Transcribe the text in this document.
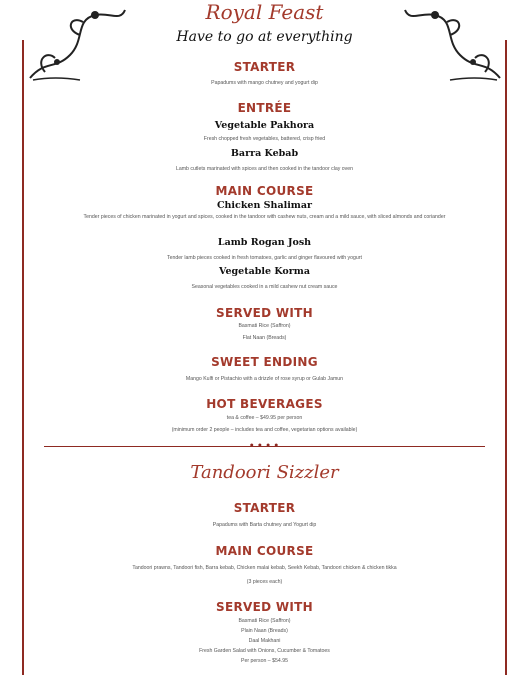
Royal Feast
Have to go at everything
STARTER
Papadums with mango chutney and yogurt dip
ENTRÉE
Vegetable Pakhora
Fresh chopped fresh vegetables, battered, crisp fried
Barra Kebab
Lamb cutlets marinated with spices and then cooked in the tandoor clay oven
MAIN COURSE
Chicken Shalimar
Tender pieces of chicken marinated in yogurt and spices, cooked in the tandoor with cashew nuts, cream and a mild sauce, with sliced almonds and coriander
Lamb Rogan Josh
Tender lamb pieces cooked in fresh tomatoes, garlic and ginger flavoured with yogurt
Vegetable Korma
Seasonal vegetables cooked in a mild cashew nut cream sauce
SERVED WITH
Basmati Rice (Saffron)
Flat Naan (Breads)
SWEET ENDING
Mango Kulfi or Pistachio with a drizzle of rose syrup or Gulab Jamun
HOT BEVERAGES
tea & coffee – $49.95 per person
(minimum order 2 people – includes tea and coffee, vegetarian options available)
● ● ● ●
Tandoori Sizzler
STARTER
Papadums with Barta chutney and Yogurt dip
MAIN COURSE
Tandoori prawns, Tandoori fish, Barra kebab, Chicken malai kebab, Seekh Kebab, Tandoori chicken & chicken tikka
(3 pieces each)
SERVED WITH
Basmati Rice (Saffron)
Plain Naan (Breads)
Daal Makhani
Fresh Garden Salad with Onions, Cucumber & Tomatoes
Per person – $54.95
